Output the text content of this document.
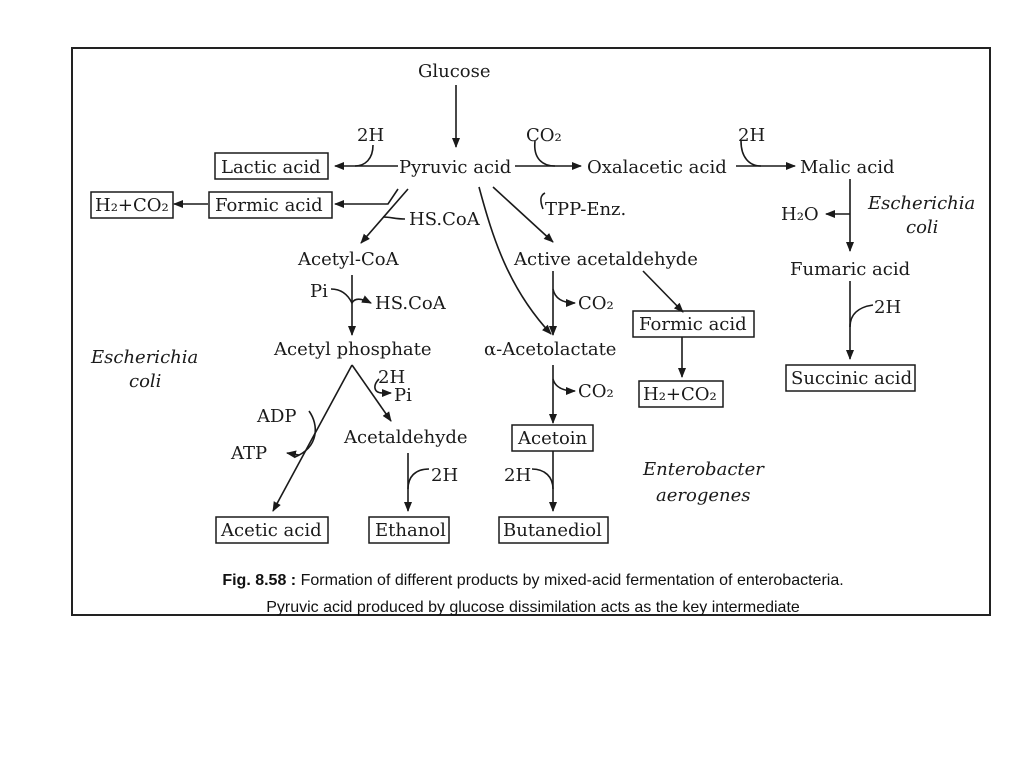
Glucose
Pyruvic acid
Lactic acid
Formic acid
H₂+CO₂
Oxalacetic acid	Malic acid
2H	CO₂	2H
HS.CoA	TPP-Enz.	H₂O
Escherichia
coli
Acetyl-CoA
Pi
HS.CoA
Active acetaldehyde
CO₂
Fumaric acid
2H
Formic acid
Escherichia
coli
Acetyl phosphate	α-Acetolactate
Succinic acid
2H
Pi	CO₂ H₂+CO₂
ADP
ATP
Acetaldehyde	Acetoin
Enterobacter
aerogenes
2H	2H
Acetic acid	Ethanol	Butanediol
Fig. 8.58 : Formation of different products by mixed-acid fermentation of enterobacteria.
Pyruvic acid produced by glucose dissimilation acts as the key intermediate
